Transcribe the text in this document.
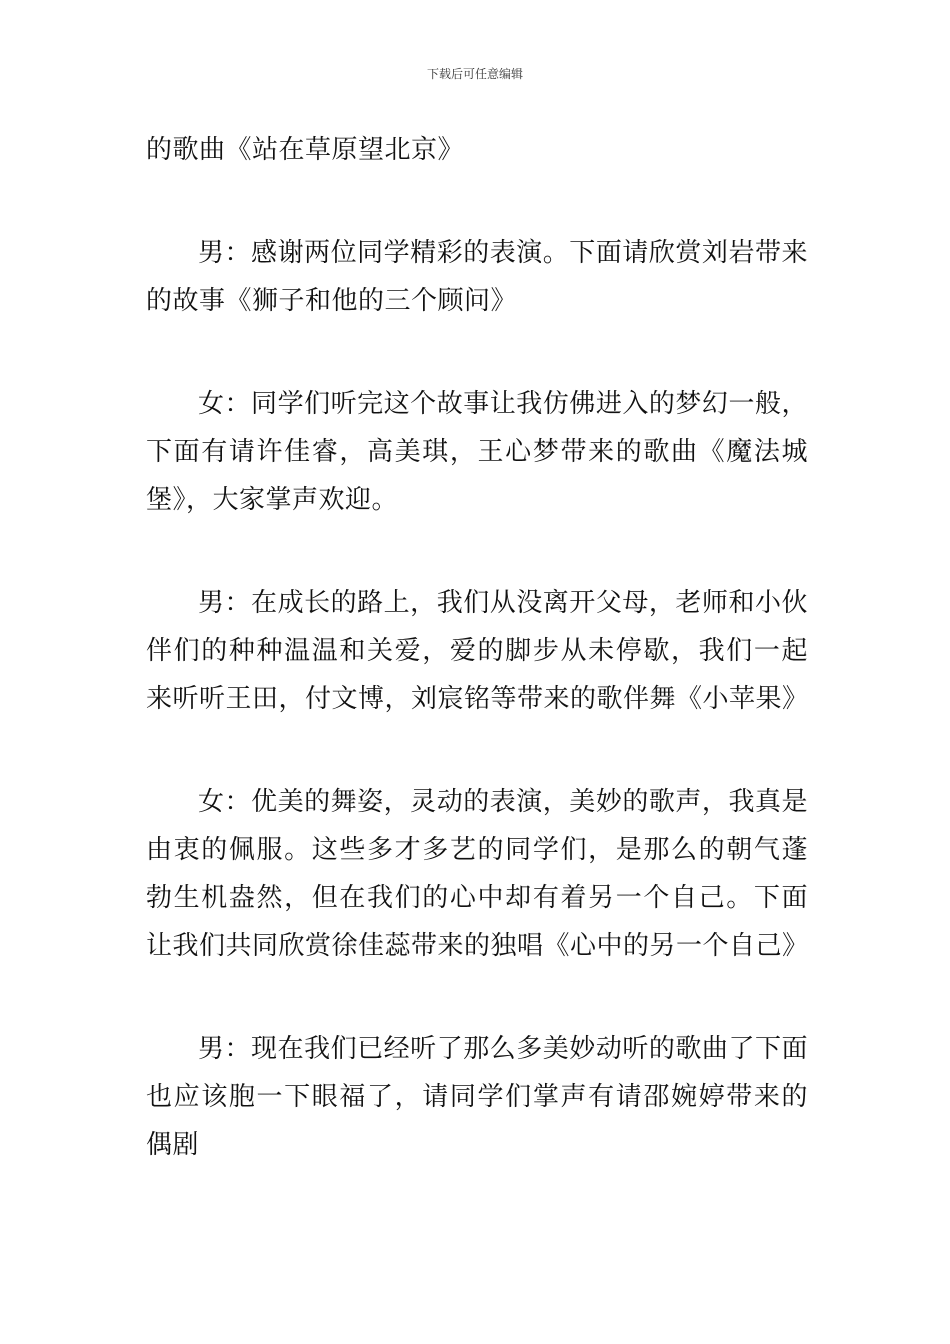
下载后可任意编辑

的歌曲《站在草原望北京》

男：感谢两位同学精彩的表演。下面请欣赏刘岩带来的故事《狮子和他的三个顾问》

女：同学们听完这个故事让我仿佛进入的梦幻一般，下面有请许佳睿，高美琪，王心梦带来的歌曲《魔法城堡》，大家掌声欢迎。

男：在成长的路上，我们从没离开父母，老师和小伙伴们的种种温温和关爱，爱的脚步从未停歇，我们一起来听听王田，付文博，刘宸铭等带来的歌伴舞《小苹果》

女：优美的舞姿，灵动的表演，美妙的歌声，我真是由衷的佩服。这些多才多艺的同学们，是那么的朝气蓬勃生机盎然，但在我们的心中却有着另一个自己。下面让我们共同欣赏徐佳蕊带来的独唱《心中的另一个自己》

男：现在我们已经听了那么多美妙动听的歌曲了下面也应该胞一下眼福了，请同学们掌声有请邵婉婷带来的偶剧
